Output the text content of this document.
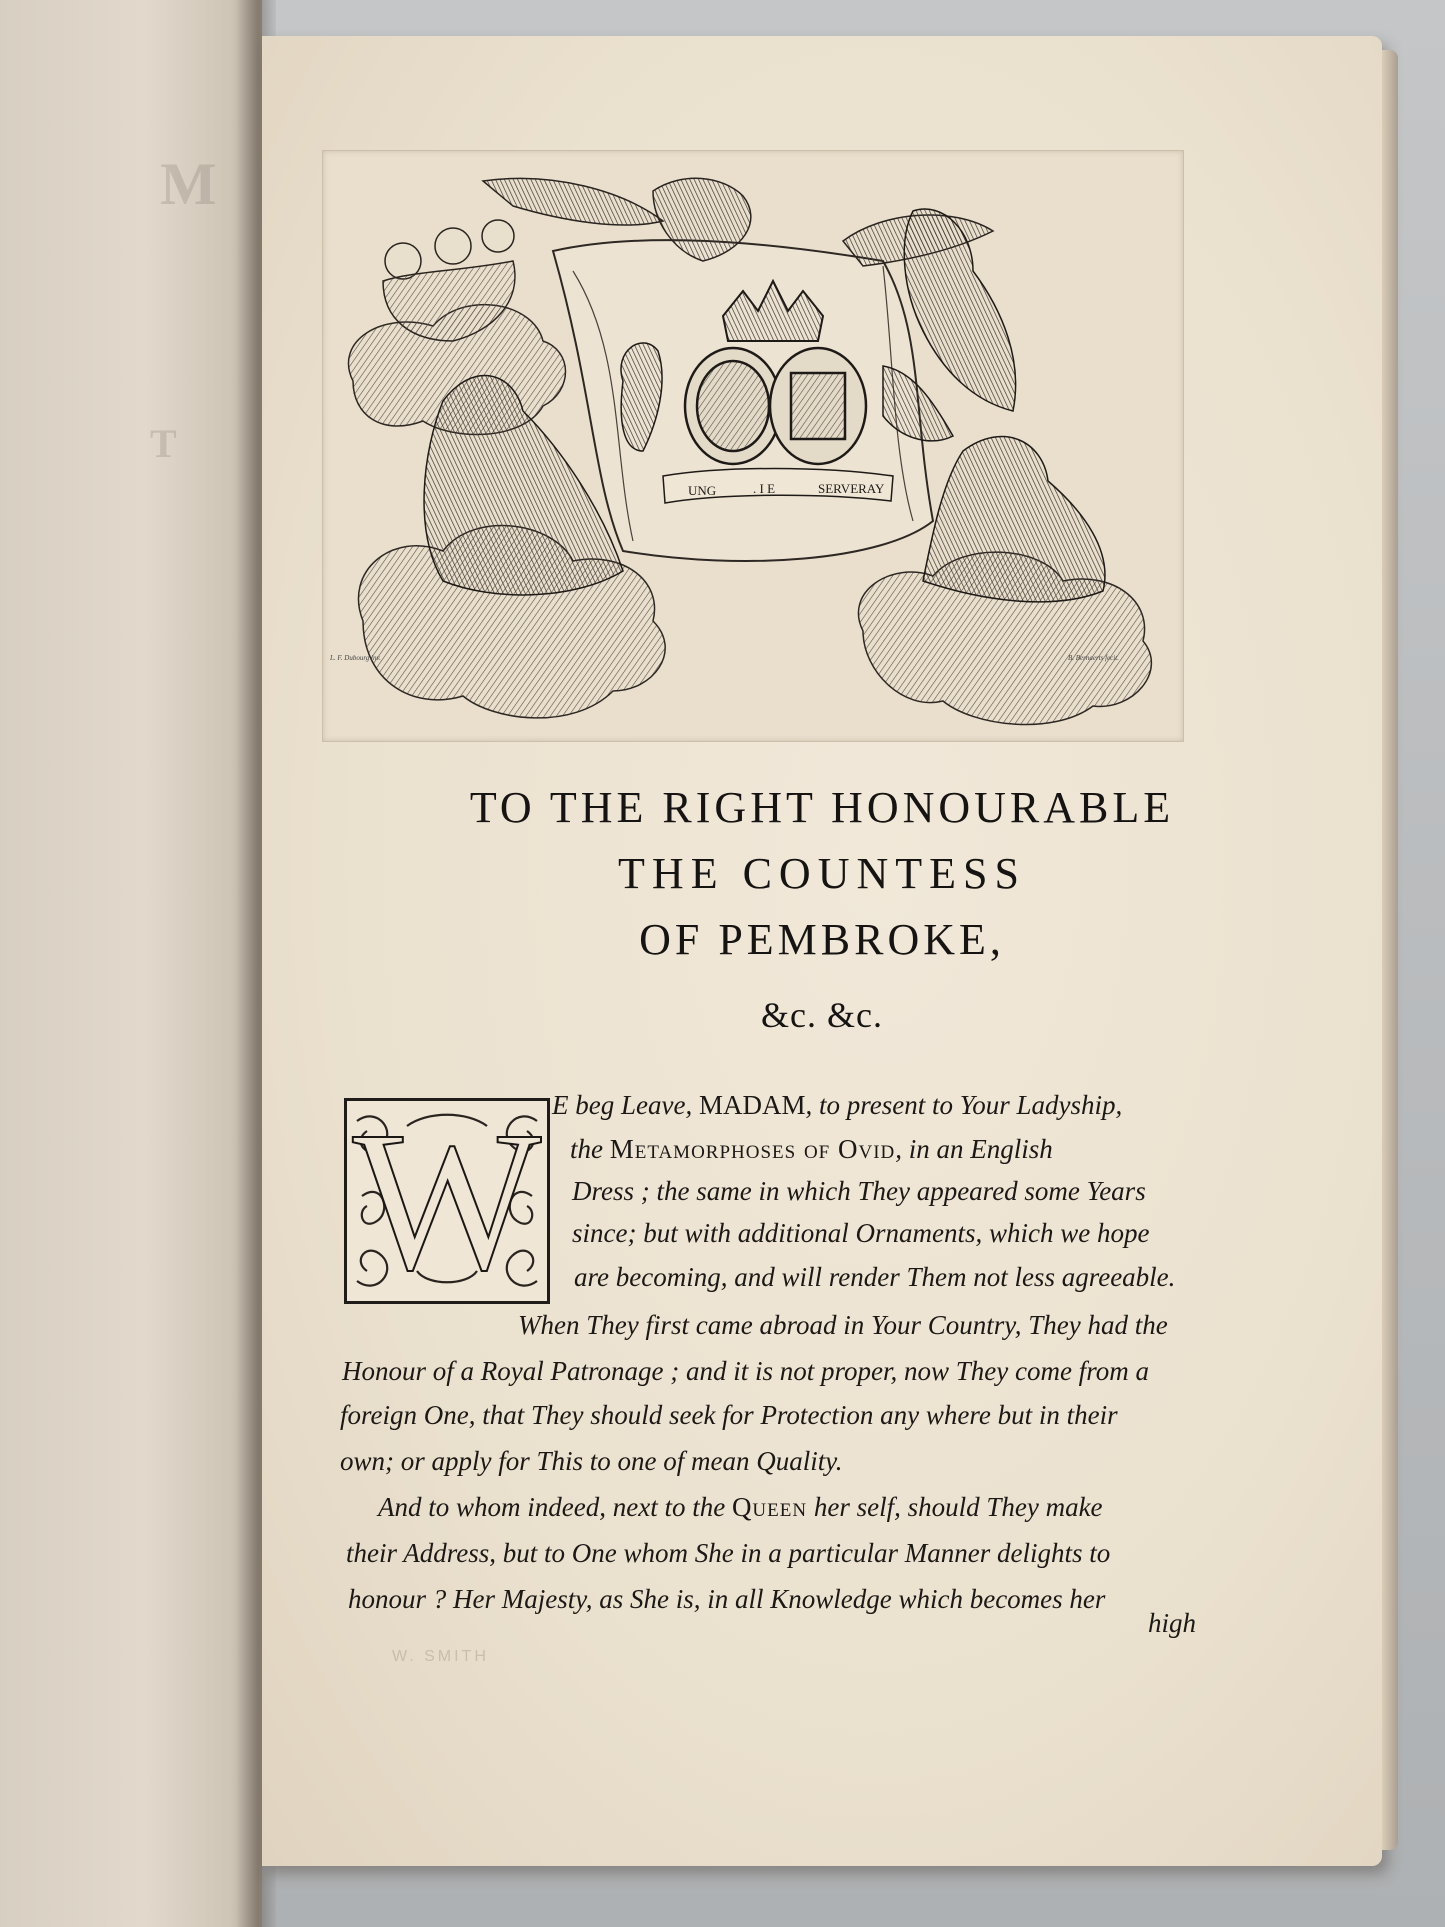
M
T
UNG	. I E	SERVERAY
L. F. Dubourg inv.	B. Bernaerts fecit.
TO THE RIGHT HONOURABLE
THE COUNTESS
OF PEMBROKE,
&c. &c.
W E beg Leave, MADAM, to present to Your Ladyship,
the Metamorphoses of Ovid, in an English
Dress ; the same in which They appeared some Years
since; but with additional Ornaments, which we hope
are becoming, and will render Them not less agreeable.
When They first came abroad in Your Country, They had the
Honour of a Royal Patronage ; and it is not proper, now They come from a
foreign One, that They should seek for Protection any where but in their
own; or apply for This to one of mean Quality.
And to whom indeed, next to the Queen her self, should They make
their Address, but to One whom She in a particular Manner delights to
honour ? Her Majesty, as She is, in all Knowledge which becomes her
high
W. SMITH
